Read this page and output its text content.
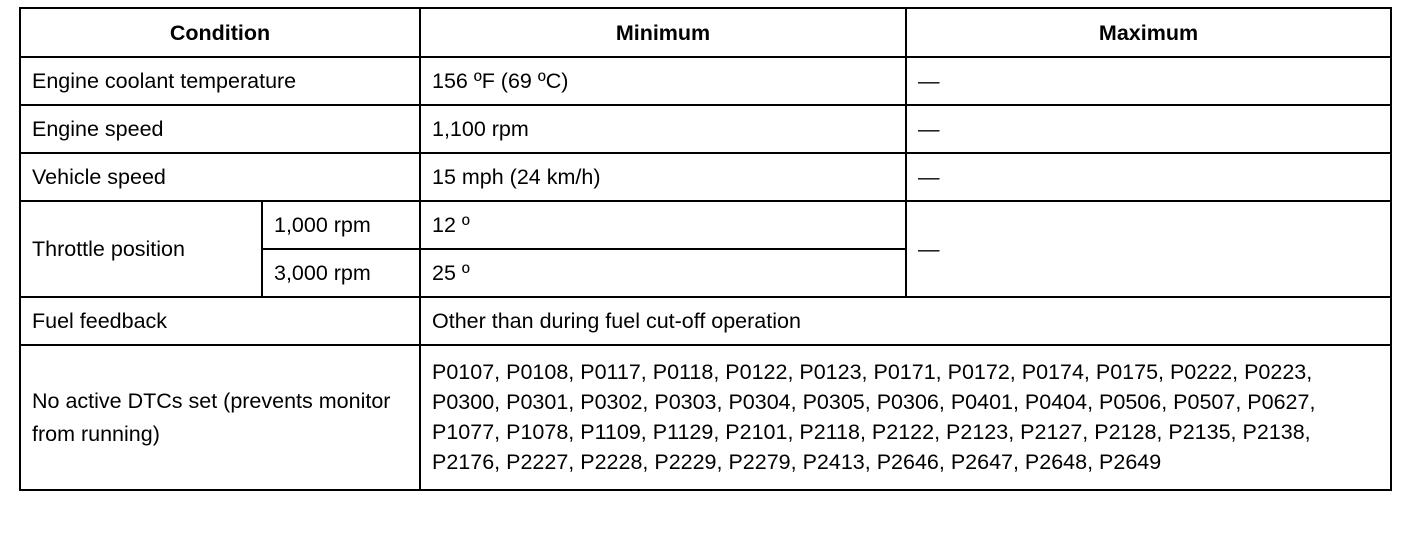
Condition		Minimum	Maximum
Engine coolant temperature		156 ºF (69 ºC)	—
Engine speed		1,100 rpm	—
Vehicle speed		15 mph (24 km/h)	—
Throttle position	1,000 rpm	12 º	—
	3,000 rpm	25 º	
Fuel feedback		Other than during fuel cut-off operation	
No active DTCs set (prevents monitor from running)		P0107, P0108, P0117, P0118, P0122, P0123, P0171, P0172, P0174, P0175, P0222, P0223, P0300, P0301, P0302, P0303, P0304, P0305, P0306, P0401, P0404, P0506, P0507, P0627, P1077, P1078, P1109, P1129, P2101, P2118, P2122, P2123, P2127, P2128, P2135, P2138, P2176, P2227, P2228, P2229, P2279, P2413, P2646, P2647, P2648, P2649	
